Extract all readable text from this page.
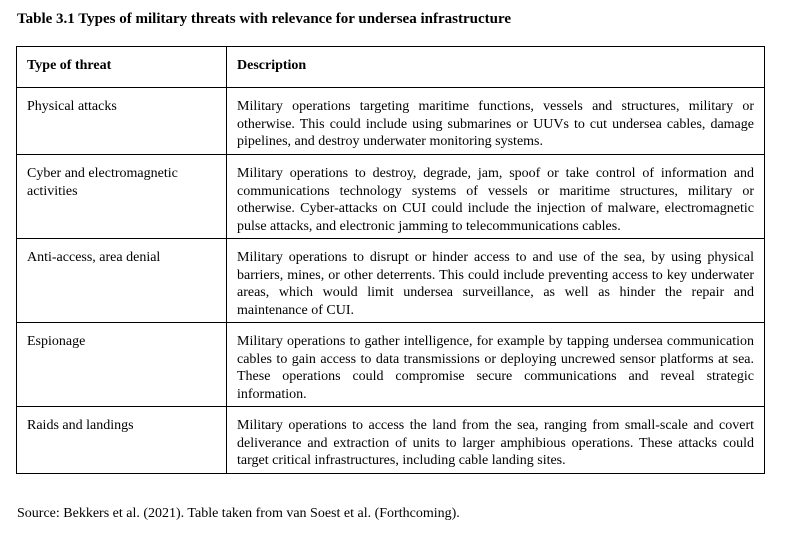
Table 3.1 Types of military threats with relevance for undersea infrastructure
Type of threat	Description
Physical attacks	Military operations targeting maritime functions, vessels and structures, military or otherwise. This could include using submarines or UUVs to cut undersea cables, damage pipelines, and destroy underwater monitoring systems.
Cyber and electromagnetic activities	Military operations to destroy, degrade, jam, spoof or take control of information and communications technology systems of vessels or maritime structures, military or otherwise. Cyber-attacks on CUI could include the injection of malware, electromagnetic pulse attacks, and electronic jamming to telecommunications cables.
Anti-access, area denial	Military operations to disrupt or hinder access to and use of the sea, by using physical barriers, mines, or other deterrents. This could include preventing access to key underwater areas, which would limit undersea surveillance, as well as hinder the repair and maintenance of CUI.
Espionage	Military operations to gather intelligence, for example by tapping undersea communication cables to gain access to data transmissions or deploying uncrewed sensor platforms at sea. These operations could compromise secure communications and reveal strategic information.
Raids and landings	Military operations to access the land from the sea, ranging from small-scale and covert deliverance and extraction of units to larger amphibious operations. These attacks could target critical infrastructures, including cable landing sites.
Source: Bekkers et al. (2021). Table taken from van Soest et al. (Forthcoming).
